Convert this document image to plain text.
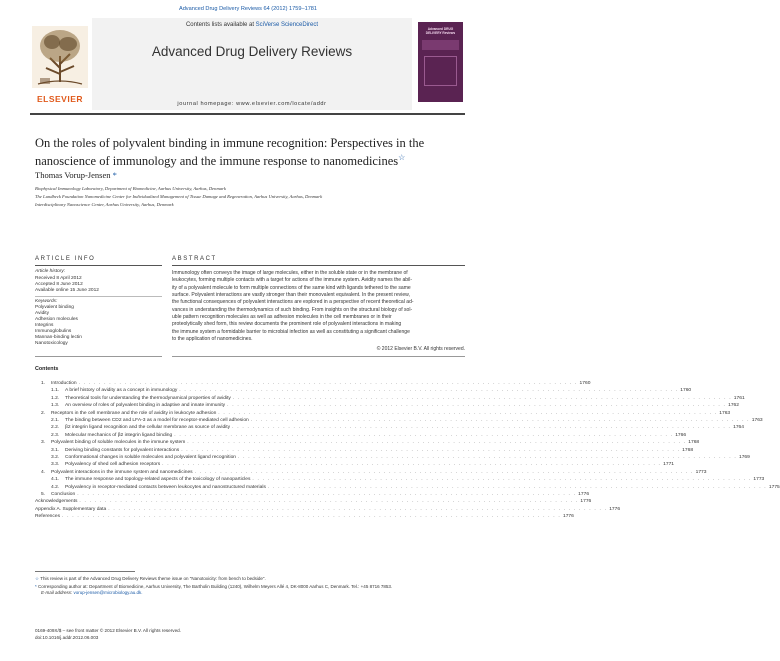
Advanced Drug Delivery Reviews 64 (2012) 1759–1781
ELSEVIER
Contents lists available at SciVerse ScienceDirect
Advanced Drug Delivery Reviews
journal homepage: www.elsevier.com/locate/addr
Advanced DRUG DELIVERY Reviews
On the roles of polyvalent binding in immune recognition: Perspectives in the nanoscience of immunology and the immune response to nanomedicines☆
Thomas Vorup-Jensen *
Biophysical Immunology Laboratory, Department of Biomedicine, Aarhus University, Aarhus, Denmark
The Lundbeck Foundation Nanomedicine Center for Individualized Management of Tissue Damage and Regeneration, Aarhus University, Aarhus, Denmark
Interdisciplinary Nanoscience Center, Aarhus University, Aarhus, Denmark
ARTICLE INFO	ABSTRACT
Article history:
Received 8 April 2012
Accepted 8 June 2012
Available online 15 June 2012
Keywords:
Polyvalent binding
Avidity
Adhesion molecules
Integrins
Immunoglobulins
Mannan-binding lectin
Nanotoxicology
Immunology often conveys the image of large molecules, either in the soluble state or in the membrane of
leukocytes, forming multiple contacts with a target for actions of the immune system. Avidity names the abil-
ity of a polyvalent molecule to form multiple connections of the same kind with ligands tethered to the same
surface. Polyvalent interactions are vastly stronger than their monovalent equivalent. In the present review,
the functional consequences of polyvalent interactions are explored in a perspective of recent theoretical ad-
vances in understanding the thermodynamics of such binding. From insights on the structural biology of sol-
uble pattern recognition molecules as well as adhesion molecules in the cell membranes or in their
proteolytically shed form, this review documents the prominent role of polyvalent interactions in making
the immune system a formidable barrier to microbial infection as well as constituting a significant challenge
to the application of nanomedicines.
© 2012 Elsevier B.V. All rights reserved.
Contents
1.	Introduction . . . . . . . . . . . . . . . . . . . . . . . . . . . . . . . . . . . . . . . . . . . . . . . . . . . . . . . . . . . . . . . . . . . . . . . . . . . . . . . . . . . . . . . . . . . . . . . . . . 1760
1.1.	A brief history of avidity as a concept in immunology . . . . . . . . . . . . . . . . . . . . . . . . . . . . . . . . . . . . . . . . . . . . . . . . . . . . . . . . . . . . . . . . . . . . . . . . . . . . . . . . . . . . . . . . . . . . . . . . . . 1760
1.2.	Theoretical tools for understanding the thermodynamical properties of avidity . . . . . . . . . . . . . . . . . . . . . . . . . . . . . . . . . . . . . . . . . . . . . . . . . . . . . . . . . . . . . . . . . . . . . . . . . . . . . . . . . . . . . . . . . . . . . . . . . . 1761
1.3.	An overview of roles of polyvalent binding in adaptive and innate immunity . . . . . . . . . . . . . . . . . . . . . . . . . . . . . . . . . . . . . . . . . . . . . . . . . . . . . . . . . . . . . . . . . . . . . . . . . . . . . . . . . . . . . . . . . . . . . . . . . . 1762
2.	Receptors in the cell membrane and the role of avidity in leukocyte adhesion . . . . . . . . . . . . . . . . . . . . . . . . . . . . . . . . . . . . . . . . . . . . . . . . . . . . . . . . . . . . . . . . . . . . . . . . . . . . . . . . . . . . . . . . . . . . . . . . . . 1763
2.1.	The binding between CD2 and LFA-3 as a model for receptor-mediated cell adhesion . . . . . . . . . . . . . . . . . . . . . . . . . . . . . . . . . . . . . . . . . . . . . . . . . . . . . . . . . . . . . . . . . . . . . . . . . . . . . . . . . . . . . . . . . . . . . . . . . . 1763
2.2.	β2 integrin ligand recognition and the cellular membrane as source of avidity . . . . . . . . . . . . . . . . . . . . . . . . . . . . . . . . . . . . . . . . . . . . . . . . . . . . . . . . . . . . . . . . . . . . . . . . . . . . . . . . . . . . . . . . . . . . . . . . . . 1764
2.3.	Molecular mechanics of β2 integrin ligand binding . . . . . . . . . . . . . . . . . . . . . . . . . . . . . . . . . . . . . . . . . . . . . . . . . . . . . . . . . . . . . . . . . . . . . . . . . . . . . . . . . . . . . . . . . . . . . . . . . . 1766
3.	Polyvalent binding of soluble molecules in the immune system . . . . . . . . . . . . . . . . . . . . . . . . . . . . . . . . . . . . . . . . . . . . . . . . . . . . . . . . . . . . . . . . . . . . . . . . . . . . . . . . . . . . . . . . . . . . . . . . . . 1768
3.1.	Deriving binding constants for polyvalent interactions . . . . . . . . . . . . . . . . . . . . . . . . . . . . . . . . . . . . . . . . . . . . . . . . . . . . . . . . . . . . . . . . . . . . . . . . . . . . . . . . . . . . . . . . . . . . . . . . . . 1768
3.2.	Conformational changes in soluble molecules and polyvalent ligand recognition . . . . . . . . . . . . . . . . . . . . . . . . . . . . . . . . . . . . . . . . . . . . . . . . . . . . . . . . . . . . . . . . . . . . . . . . . . . . . . . . . . . . . . . . . . . . . . . . . . 1769
3.3.	Polyvalency of shed cell adhesion receptors . . . . . . . . . . . . . . . . . . . . . . . . . . . . . . . . . . . . . . . . . . . . . . . . . . . . . . . . . . . . . . . . . . . . . . . . . . . . . . . . . . . . . . . . . . . . . . . . . . 1771
4.	Polyvalent interactions in the immune system and nanomedicines . . . . . . . . . . . . . . . . . . . . . . . . . . . . . . . . . . . . . . . . . . . . . . . . . . . . . . . . . . . . . . . . . . . . . . . . . . . . . . . . . . . . . . . . . . . . . . . . . . 1773
4.1.	The immune response and topology-related aspects of the toxicology of nanoparticles . . . . . . . . . . . . . . . . . . . . . . . . . . . . . . . . . . . . . . . . . . . . . . . . . . . . . . . . . . . . . . . . . . . . . . . . . . . . . . . . . . . . . . . . . . . . . . . . . . 1773
4.2.	Polyvalency in receptor-mediated contacts between leukocytes and nanostructured materials . . . . . . . . . . . . . . . . . . . . . . . . . . . . . . . . . . . . . . . . . . . . . . . . . . . . . . . . . . . . . . . . . . . . . . . . . . . . . . . . . . . . . . . . . . . . . . . . . . 1775
5.	Conclusion . . . . . . . . . . . . . . . . . . . . . . . . . . . . . . . . . . . . . . . . . . . . . . . . . . . . . . . . . . . . . . . . . . . . . . . . . . . . . . . . . . . . . . . . . . . . . . . . . . 1776
Acknowledgements . . . . . . . . . . . . . . . . . . . . . . . . . . . . . . . . . . . . . . . . . . . . . . . . . . . . . . . . . . . . . . . . . . . . . . . . . . . . . . . . . . . . . . . . . . . . . . . . . . 1776
Appendix A. Supplementary data . . . . . . . . . . . . . . . . . . . . . . . . . . . . . . . . . . . . . . . . . . . . . . . . . . . . . . . . . . . . . . . . . . . . . . . . . . . . . . . . . . . . . . . . . . . . . . . . . . 1776
References . . . . . . . . . . . . . . . . . . . . . . . . . . . . . . . . . . . . . . . . . . . . . . . . . . . . . . . . . . . . . . . . . . . . . . . . . . . . . . . . . . . . . . . . . . . . . . . . . . 1776
☆ This review is part of the Advanced Drug Delivery Reviews theme issue on "Nanotoxicity: from bench to bedside".
* Corresponding author at: Department of Biomedicine, Aarhus University, The Bartholin Building (1240), Wilhelm Meyers Allé 4, DK-8000 Aarhus C, Denmark. Tel.: +45 8716 7853.
E-mail address: vorup-jensen@microbiology.au.dk.
0169-409X/$ – see front matter © 2012 Elsevier B.V. All rights reserved.
doi:10.1016/j.addr.2012.06.003
